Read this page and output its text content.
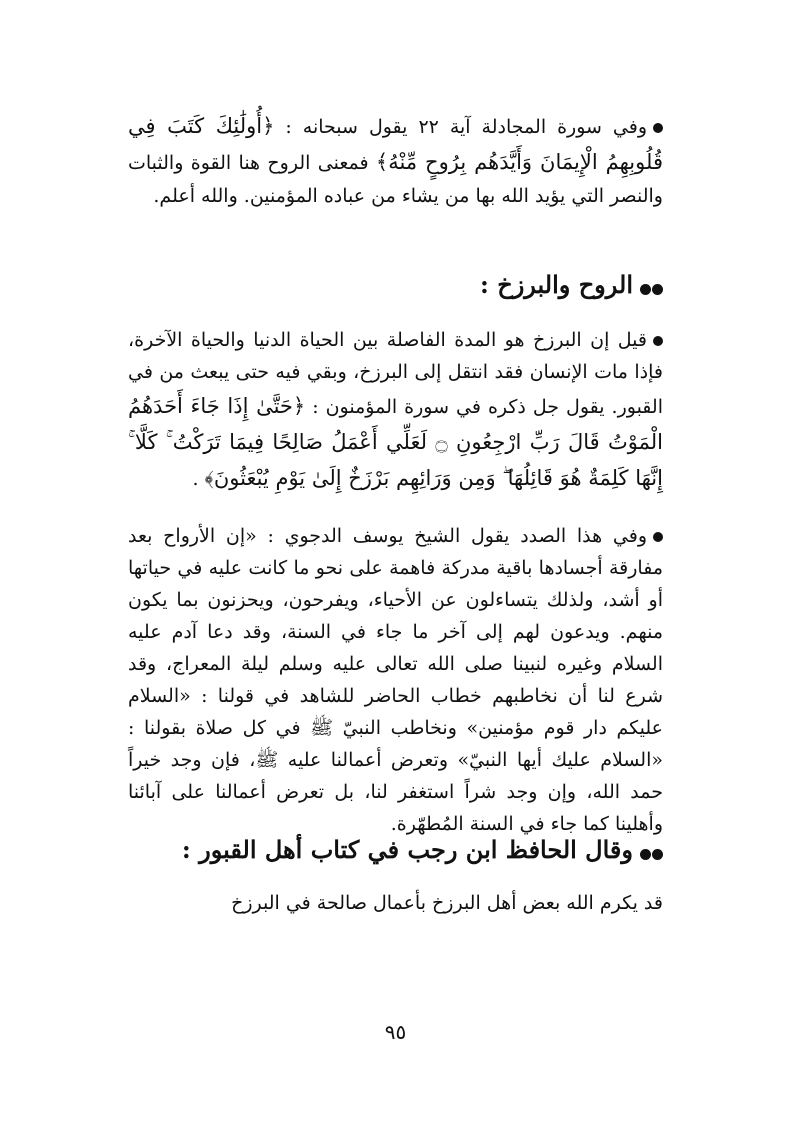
وفي سورة المجادلة آية ٢٢ يقول سبحانه : ﴿أُولَٰئِكَ كَتَبَ فِي قُلُوبِهِمُ الْإِيمَانَ وَأَيَّدَهُم بِرُوحٍ مِّنْهُ﴾ فمعنى الروح هنا القوة والثبات والنصر التي يؤيد الله بها من يشاء من عباده المؤمنين. والله أعلم.

الروح والبرزخ :

قيل إن البرزخ هو المدة الفاصلة بين الحياة الدنيا والحياة الآخرة، فإذا مات الإنسان فقد انتقل إلى البرزخ، وبقي فيه حتى يبعث من في القبور. يقول جل ذكره في سورة المؤمنون : ﴿حَتَّىٰ إِذَا جَاءَ أَحَدَهُمُ الْمَوْتُ قَالَ رَبِّ ارْجِعُونِ ۝ لَعَلِّي أَعْمَلُ صَالِحًا فِيمَا تَرَكْتُ ۚ كَلَّا ۚ إِنَّهَا كَلِمَةٌ هُوَ قَائِلُهَا ۖ وَمِن وَرَائِهِم بَرْزَخٌ إِلَىٰ يَوْمِ يُبْعَثُونَ﴾ .

وفي هذا الصدد يقول الشيخ يوسف الدجوي : «إن الأرواح بعد مفارقة أجسادها باقية مدركة فاهمة على نحو ما كانت عليه في حياتها أو أشد، ولذلك يتساءلون عن الأحياء، ويفرحون، ويحزنون بما يكون منهم. ويدعون لهم إلى آخر ما جاء في السنة، وقد دعا آدم عليه السلام وغيره لنبينا صلى الله تعالى عليه وسلم ليلة المعراج، وقد شرع لنا أن نخاطبهم خطاب الحاضر للشاهد في قولنا : «السلام عليكم دار قوم مؤمنين» ونخاطب النبيّ ﷺ في كل صلاة بقولنا : «السلام عليك أيها النبيّ» وتعرض أعمالنا عليه ﷺ، فإن وجد خيراً حمد الله، وإن وجد شراً استغفر لنا، بل تعرض أعمالنا على آبائنا وأهلينا كما جاء في السنة المُطهّرة.

وقال الحافظ ابن رجب في كتاب أهل القبور :

قد يكرم الله بعض أهل البرزخ بأعمال صالحة في البرزخ

٩٥
